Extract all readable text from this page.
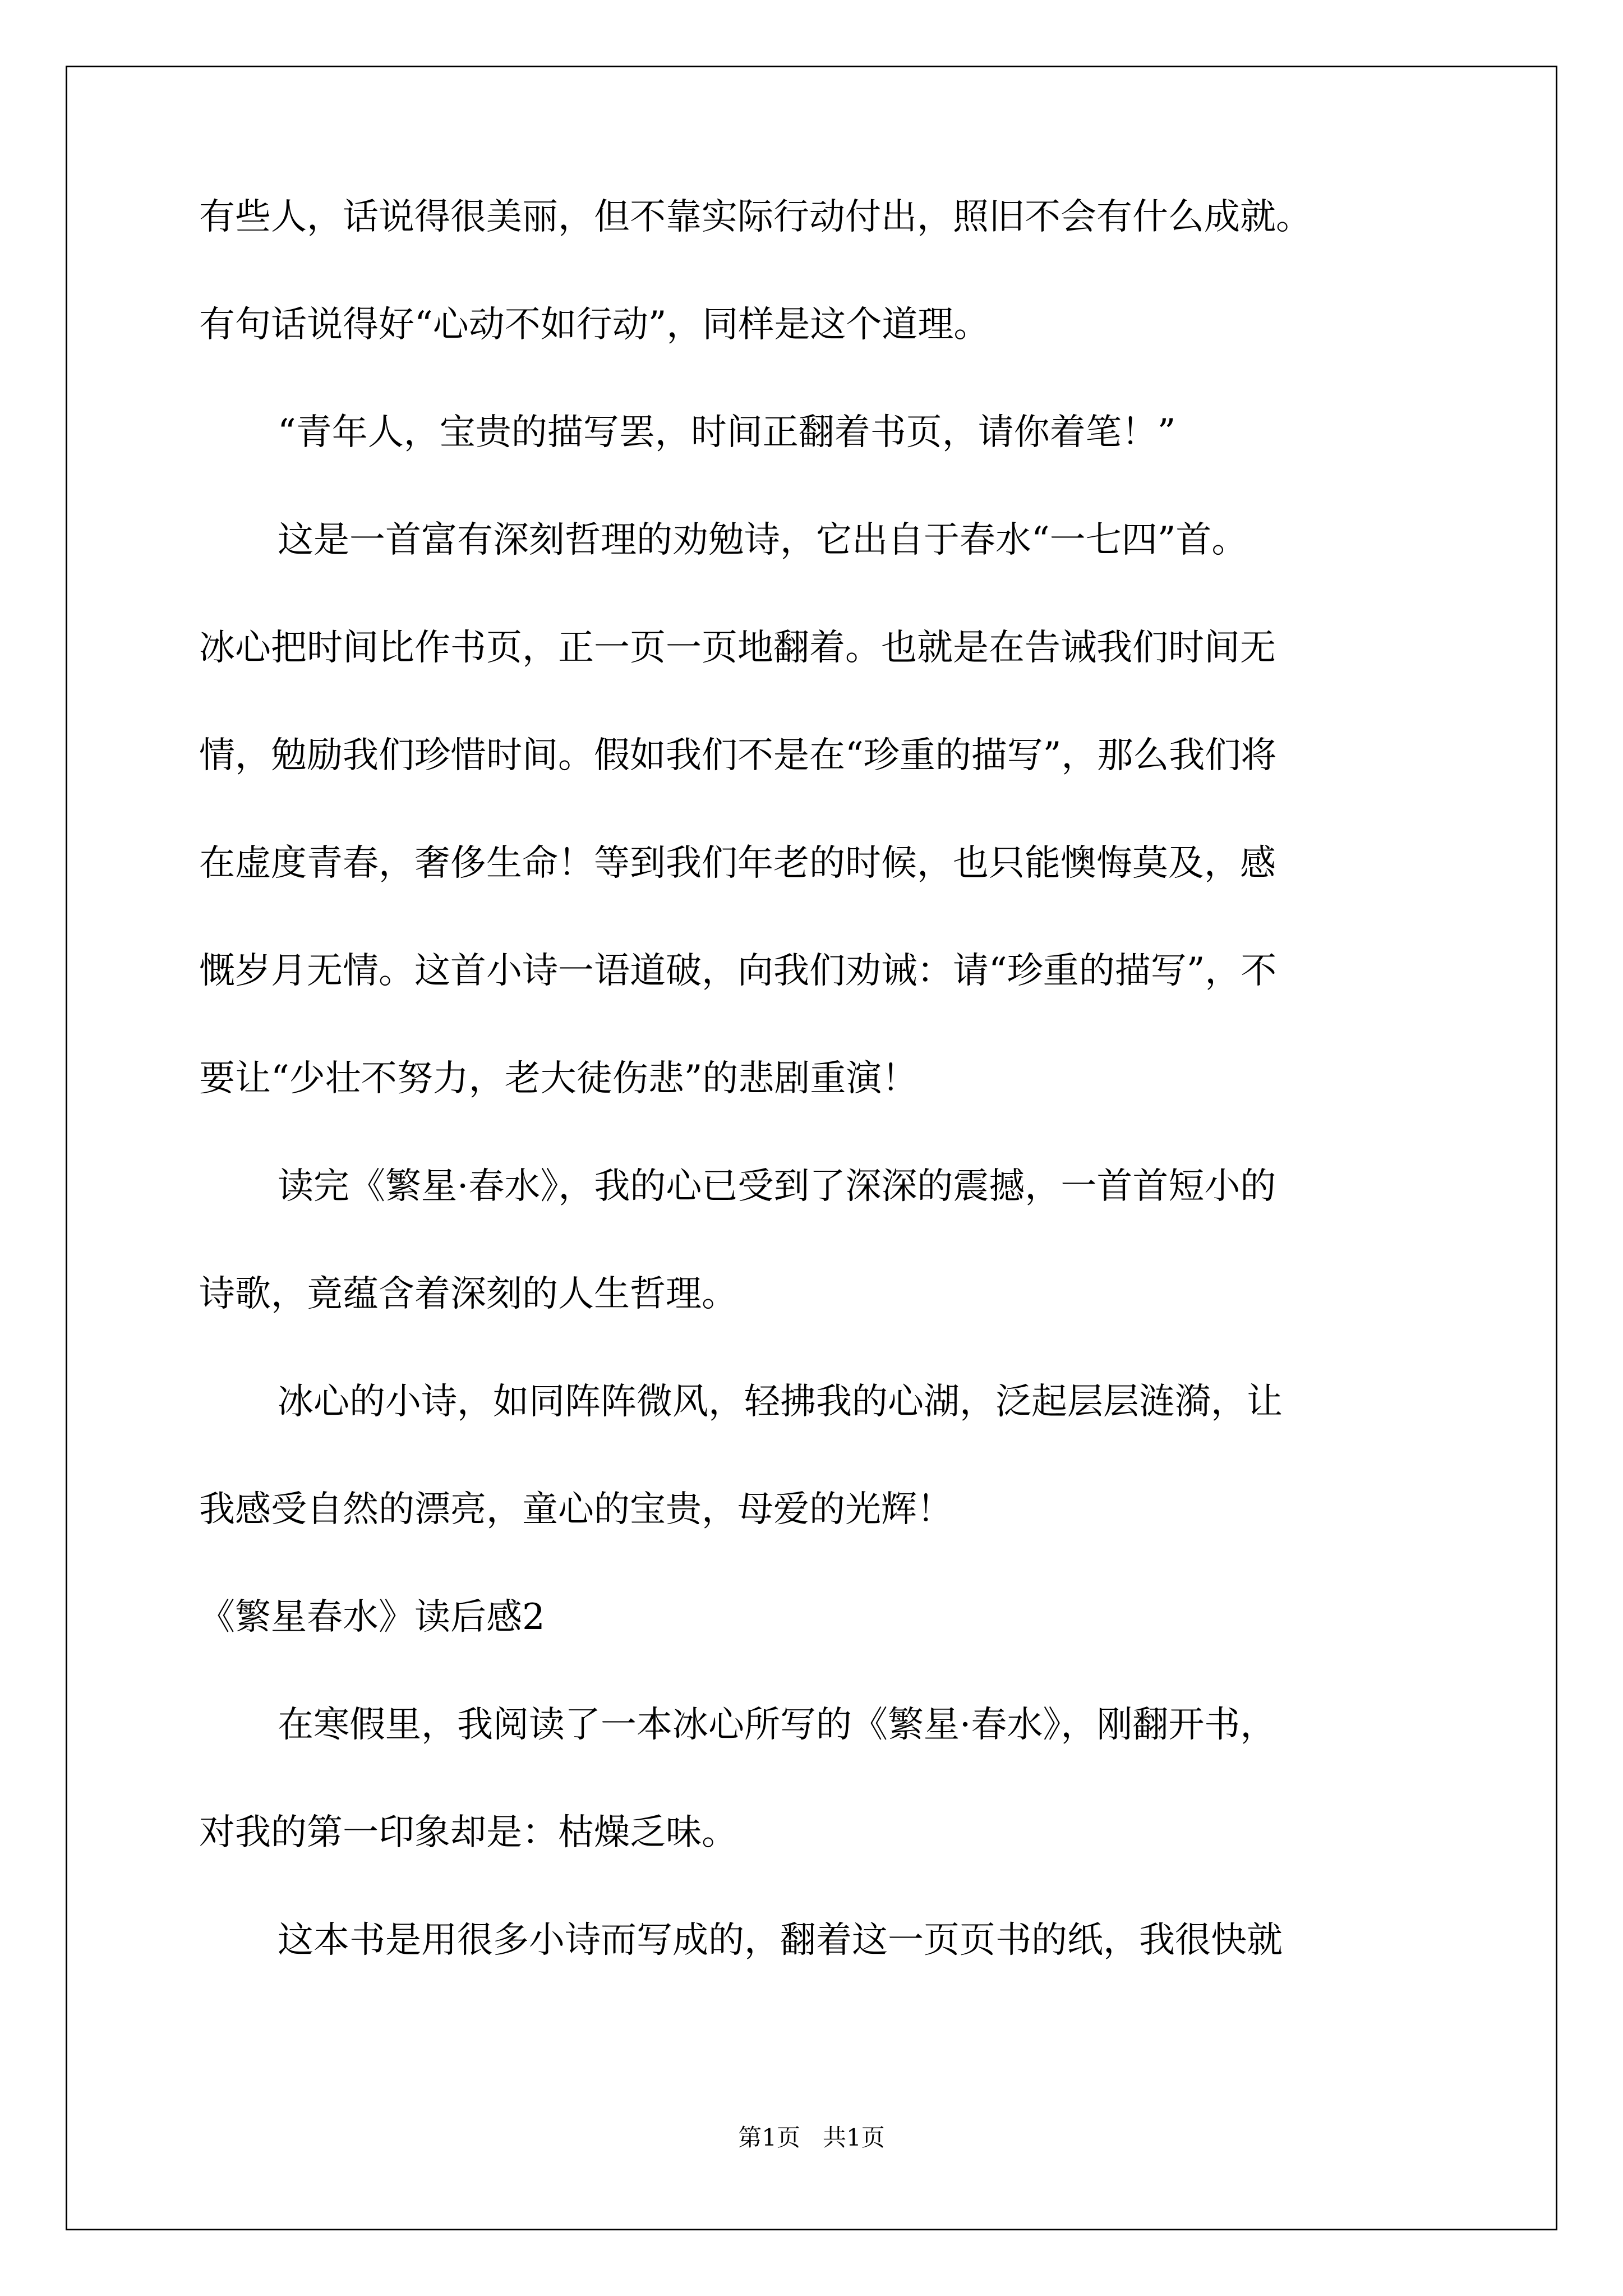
有些人，话说得很美丽，但不靠实际行动付出，照旧不会有什么成就。

有句话说得好“心动不如行动”，同样是这个道理。

“青年人，宝贵的描写罢，时间正翻着书页，请你着笔！”

这是一首富有深刻哲理的劝勉诗，它出自于春水“一七四”首。

冰心把时间比作书页，正一页一页地翻着。也就是在告诫我们时间无

情，勉励我们珍惜时间。假如我们不是在“珍重的描写”，那么我们将

在虚度青春，奢侈生命！等到我们年老的时候，也只能懊悔莫及，感

慨岁月无情。这首小诗一语道破，向我们劝诫：请“珍重的描写”，不

要让“少壮不努力，老大徒伤悲”的悲剧重演！

读完《繁星·春水》，我的心已受到了深深的震撼，一首首短小的

诗歌，竟蕴含着深刻的人生哲理。

冰心的小诗，如同阵阵微风，轻拂我的心湖，泛起层层涟漪，让

我感受自然的漂亮，童心的宝贵，母爱的光辉！

《繁星春水》读后感2

在寒假里，我阅读了一本冰心所写的《繁星·春水》，刚翻开书，

对我的第一印象却是：枯燥乏味。

这本书是用很多小诗而写成的，翻着这一页页书的纸，我很快就

第1页   共1页
